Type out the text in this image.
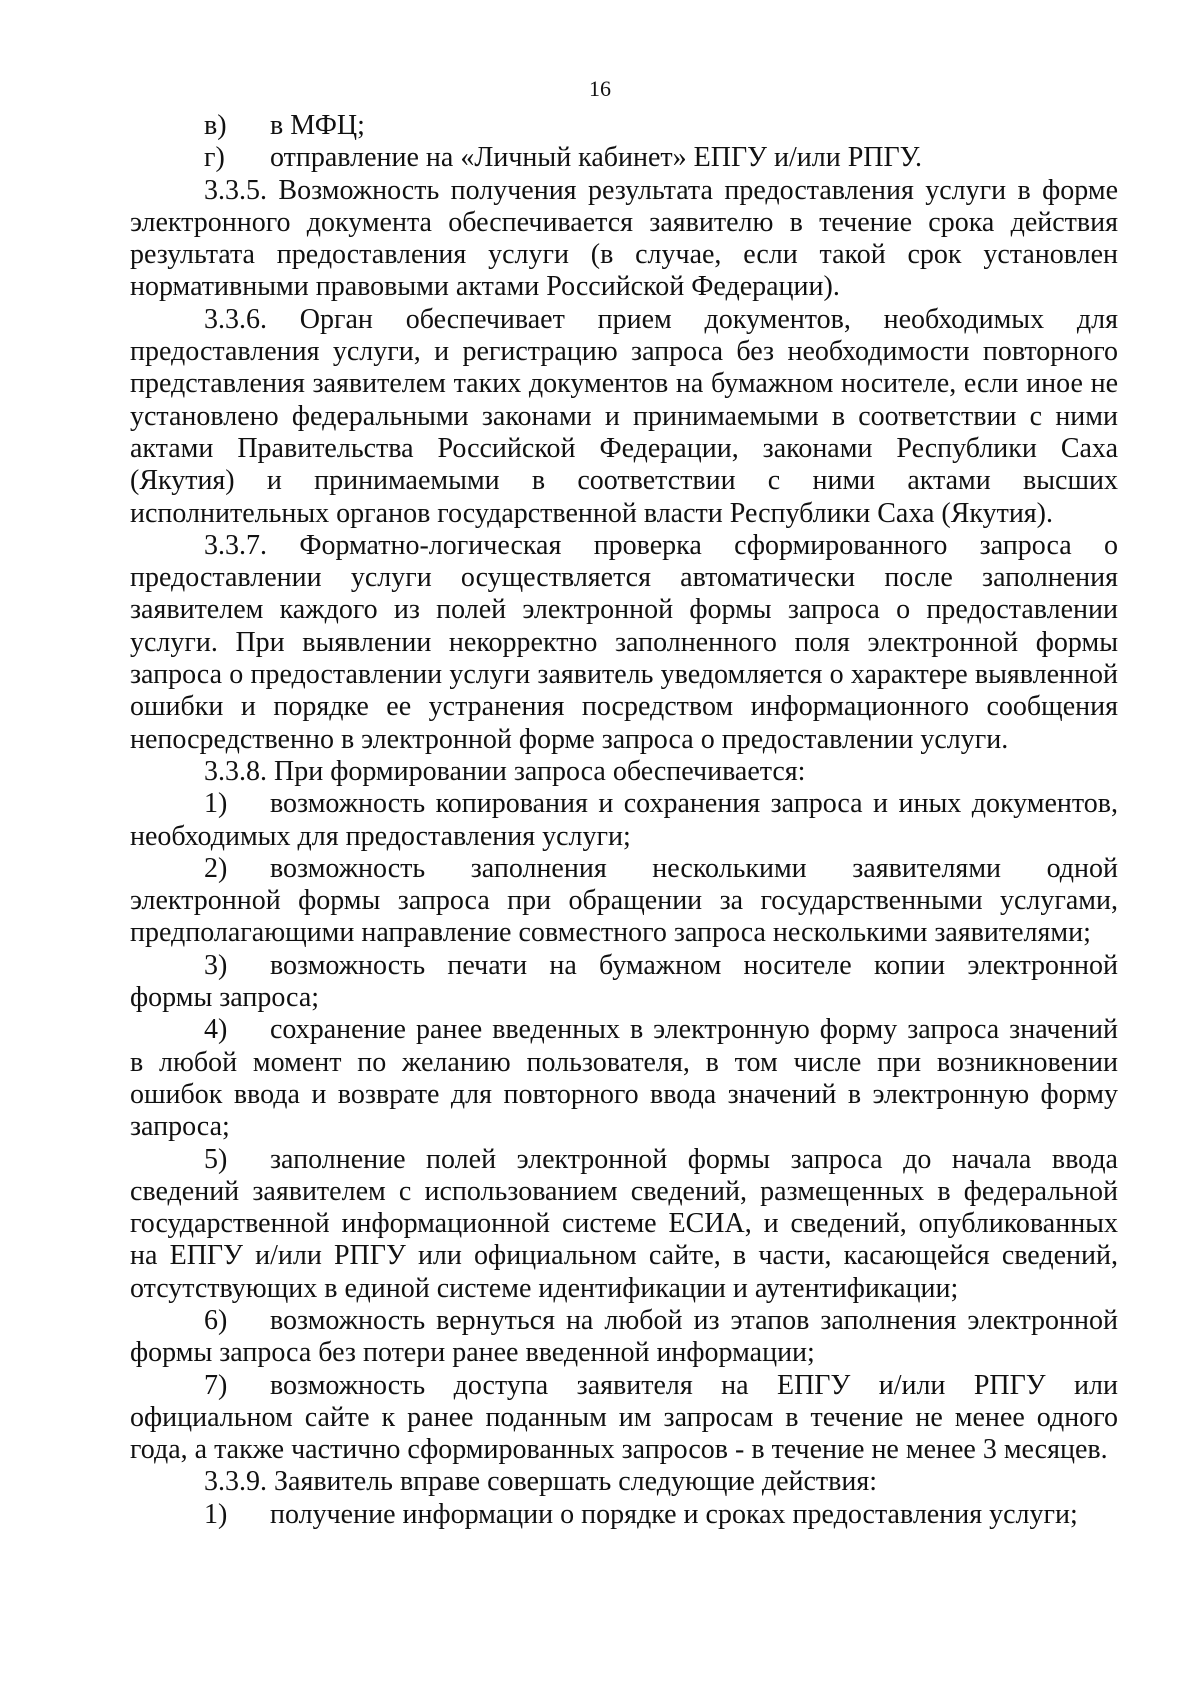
16

в) в МФЦ;

г) отправление на «Личный кабинет» ЕПГУ и/или РПГУ.

3.3.5. Возможность получения результата предоставления услуги в форме электронного документа обеспечивается заявителю в течение срока действия результата предоставления услуги (в случае, если такой срок установлен нормативными правовыми актами Российской Федерации).

3.3.6. Орган обеспечивает прием документов, необходимых для предоставления услуги, и регистрацию запроса без необходимости повторного представления заявителем таких документов на бумажном носителе, если иное не установлено федеральными законами и принимаемыми в соответствии с ними актами Правительства Российской Федерации, законами Республики Саха (Якутия) и принимаемыми в соответствии с ними актами высших исполнительных органов государственной власти Республики Саха (Якутия).

3.3.7. Форматно-логическая проверка сформированного запроса о предоставлении услуги осуществляется автоматически после заполнения заявителем каждого из полей электронной формы запроса о предоставлении услуги. При выявлении некорректно заполненного поля электронной формы запроса о предоставлении услуги заявитель уведомляется о характере выявленной ошибки и порядке ее устранения посредством информационного сообщения непосредственно в электронной форме запроса о предоставлении услуги.

3.3.8. При формировании запроса обеспечивается:

1) возможность копирования и сохранения запроса и иных документов,
необходимых для предоставления услуги;
2) возможность заполнения несколькими заявителями одной
электронной формы запроса при обращении за государственными услугами, предполагающими направление совместного запроса несколькими заявителями;
3) возможность печати на бумажном носителе копии электронной
формы запроса;
4) сохранение ранее введенных в электронную форму запроса значений
в любой момент по желанию пользователя, в том числе при возникновении ошибок ввода и возврате для повторного ввода значений в электронную форму запроса;
5) заполнение полей электронной формы запроса до начала ввода
сведений заявителем с использованием сведений, размещенных в федеральной государственной информационной системе ЕСИА, и сведений, опубликованных на ЕПГУ и/или РПГУ или официальном сайте, в части, касающейся сведений, отсутствующих в единой системе идентификации и аутентификации;
6) возможность вернуться на любой из этапов заполнения электронной
формы запроса без потери ранее введенной информации;
7) возможность доступа заявителя на ЕПГУ и/или РПГУ или
официальном сайте к ранее поданным им запросам в течение не менее одного года, а также частично сформированных запросов - в течение не менее 3 месяцев.

3.3.9. Заявитель вправе совершать следующие действия:

1) получение информации о порядке и сроках предоставления услуги;
